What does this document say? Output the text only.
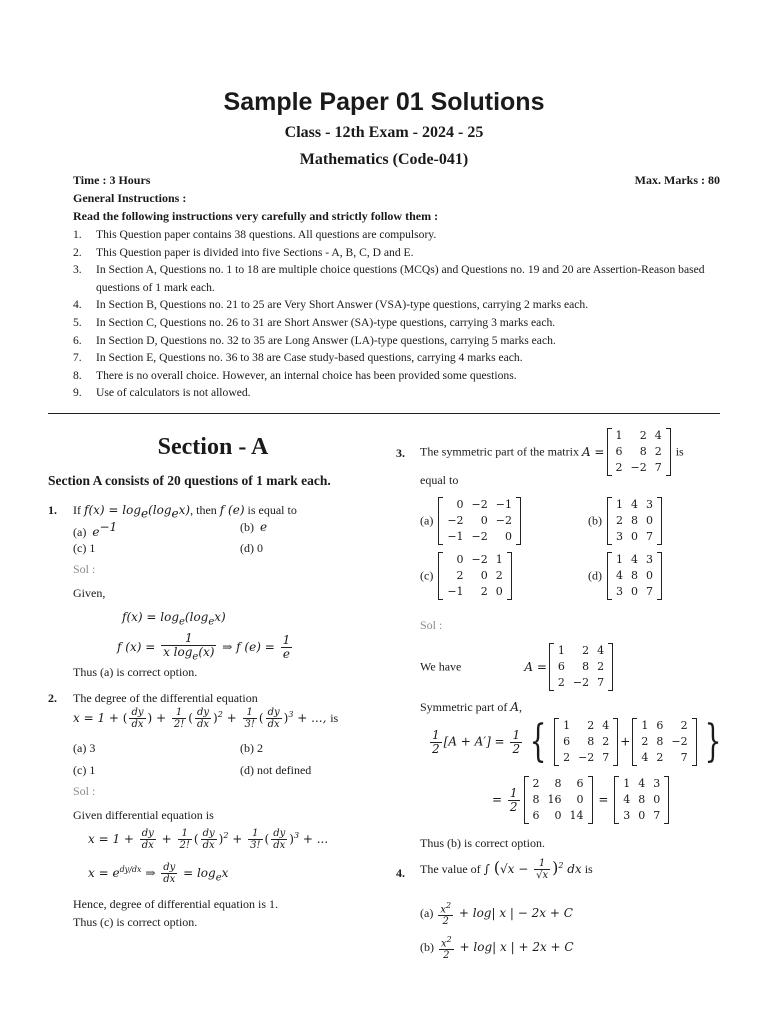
Sample Paper 01 Solutions
Class - 12th Exam - 2024 - 25
Mathematics (Code-041)
Time : 3 Hours	Max. Marks : 80
General Instructions :
Read the following instructions very carefully and strictly follow them :
1. This Question paper contains 38 questions. All questions are compulsory.
2. This Question paper is divided into five Sections - A, B, C, D and E.
3. In Section A, Questions no. 1 to 18 are multiple choice questions (MCQs) and Questions no. 19 and 20 are Assertion-Reason based questions of 1 mark each.
4. In Section B, Questions no. 21 to 25 are Very Short Answer (VSA)-type questions, carrying 2 marks each.
5. In Section C, Questions no. 26 to 31 are Short Answer (SA)-type questions, carrying 3 marks each.
6. In Section D, Questions no. 32 to 35 are Long Answer (LA)-type questions, carrying 5 marks each.
7. In Section E, Questions no. 36 to 38 are Case study-based questions, carrying 4 marks each.
8. There is no overall choice. However, an internal choice has been provided some questions.
9. Use of calculators is not allowed.
Section - A
Section A consists of 20 questions of 1 mark each.
1. If $f(x) = \log_e(\log_ex)$, then f (e) is equal to
(a) $e^{-1}$	(b) e
(c) 1	(d) 0
Sol :
Given,
$f(x) = \log_e(\log_ex)$
f $(x) = \frac{1}{x \log_e(x)}$ ⇒ f $(e) = \frac{1}{e}$
Thus (a) is correct option.
2. The degree of the differential equation
x = 1 + ( $\frac{dy}{dx}$ ) + $\frac{1}{2!}$ ( $\frac{dy}{dx} )^2 + \frac{1}{3!}$ ( $\frac{dy}{dx} )^3$ + ..., is
(a) 3	(b) 2
(c) 1	(d) not defined
Sol :
Given differential equation is
$x = 1 + \frac{dy}{dx} + \frac{1}{2!}$ ( $\frac{dy}{dx} )^2 + \frac{1}{3!}$ ( $\frac{dy}{dx} )^3$ + ...
$x = e^{dy/dx}$ ⇒ $\frac{dy}{dx} = \log_ex$
Hence, degree of differential equation is 1.
Thus (c) is correct option.
3. The symmetric part of the matrix A =
1	2	4
6	8	2
2	−2	7
is
equal to
(a)
0	−2	−1
−2	0	−2
−1	−2	0
(b)
1	4	3
2	8	0
3	0	7
(c)
0	−2	1
2	0	2
−1	2	0
(d)
1	4	3
4	8	0
3	0	7
Sol :
We have	A =
1	2	4
6	8	2
2	−2	7
Symmetric part of A,
$\frac{1}{2} [A + A'] = \frac{1}{2}$ { 1	2	4
6	8	2
2	−2	7
+
1	6	2
2	8	−2
4	2	7 }
= $\frac{1}{2}$
2	8	6
8	16	0
6	0	14
=
1	4	3
4	8	0
3	0	7
Thus (b) is correct option.
4. The value of ∫ $(√x - \frac{1}{√x} )^2$ dx is
$(a) \frac{x^2}{2} + \log|$ x | − 2x + C
$(b) \frac{x^2}{2} + \log|$ x | + 2x + C
